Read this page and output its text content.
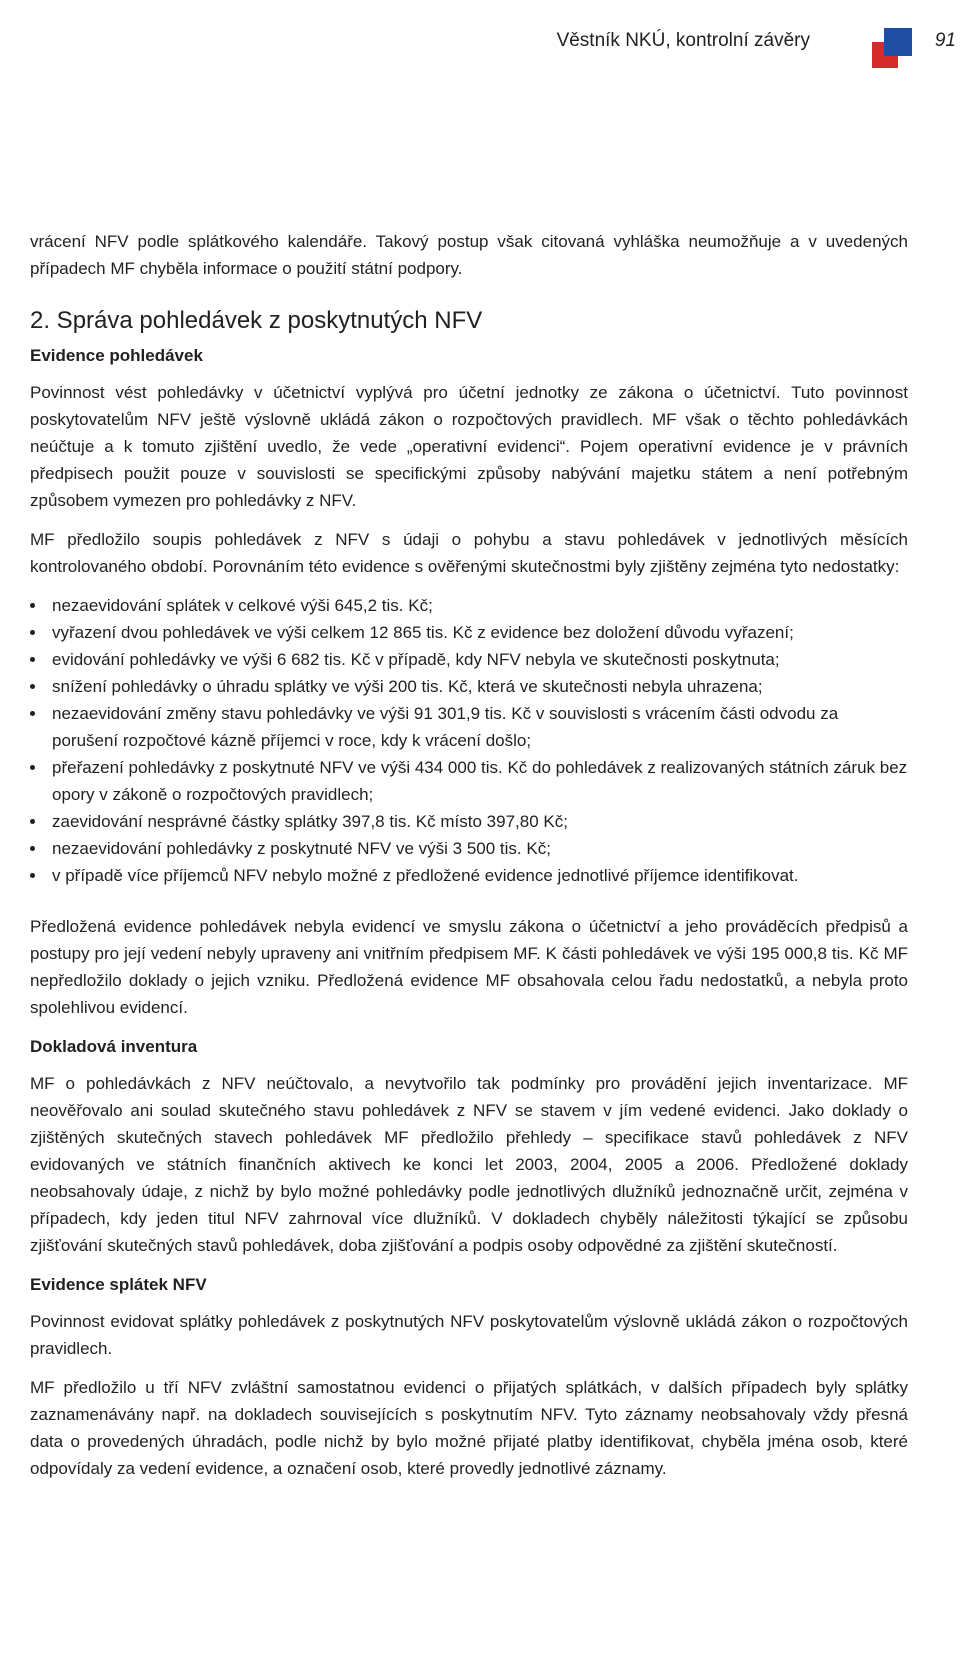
Věstník NKÚ, kontrolní závěry	91

vrácení NFV podle splátkového kalendáře. Takový postup však citovaná vyhláška neumožňuje a v uvedených případech MF chyběla informace o použití státní podpory.

2. Správa pohledávek z poskytnutých NFV
Evidence pohledávek

Povinnost vést pohledávky v účetnictví vyplývá pro účetní jednotky ze zákona o účetnictví. Tuto povinnost poskytovatelům NFV ještě výslovně ukládá zákon o rozpočtových pravidlech. MF však o těchto pohledávkách neúčtuje a k tomuto zjištění uvedlo, že vede „operativní evidenci“. Pojem operativní evidence je v právních předpisech použit pouze v souvislosti se specifickými způsoby nabývání majetku státem a není potřebným způsobem vymezen pro pohledávky z NFV.

MF předložilo soupis pohledávek z NFV s údaji o pohybu a stavu pohledávek v jednotlivých měsících kontrolovaného období. Porovnáním této evidence s ověřenými skutečnostmi byly zjištěny zejména tyto nedostatky:

nezaevidování splátek v celkové výši 645,2 tis. Kč;
vyřazení dvou pohledávek ve výši celkem 12 865 tis. Kč z evidence bez doložení důvodu vyřazení;
evidování pohledávky ve výši 6 682 tis. Kč v případě, kdy NFV nebyla ve skutečnosti poskytnuta;
snížení pohledávky o úhradu splátky ve výši 200 tis. Kč, která ve skutečnosti nebyla uhrazena;
nezaevidování změny stavu pohledávky ve výši 91 301,9 tis. Kč v souvislosti s vrácením části odvodu za porušení rozpočtové kázně příjemci v roce, kdy k vrácení došlo;
přeřazení pohledávky z poskytnuté NFV ve výši 434 000 tis. Kč do pohledávek z realizovaných státních záruk bez opory v zákoně o rozpočtových pravidlech;
zaevidování nesprávné částky splátky 397,8 tis. Kč místo 397,80 Kč;
nezaevidování pohledávky z poskytnuté NFV ve výši 3 500 tis. Kč;
v případě více příjemců NFV nebylo možné z předložené evidence jednotlivé příjemce identifikovat.

Předložená evidence pohledávek nebyla evidencí ve smyslu zákona o účetnictví a jeho prováděcích předpisů a postupy pro její vedení nebyly upraveny ani vnitřním předpisem MF. K části pohledávek ve výši 195 000,8 tis. Kč MF nepředložilo doklady o jejich vzniku. Předložená evidence MF obsahovala celou řadu nedostatků, a nebyla proto spolehlivou evidencí.

Dokladová inventura

MF o pohledávkách z NFV neúčtovalo, a nevytvořilo tak podmínky pro provádění jejich inventarizace. MF neověřovalo ani soulad skutečného stavu pohledávek z NFV se stavem v jím vedené evidenci. Jako doklady o zjištěných skutečných stavech pohledávek MF předložilo přehledy – specifikace stavů pohledávek z NFV evidovaných ve státních finančních aktivech ke konci let 2003, 2004, 2005 a 2006. Předložené doklady neobsahovaly údaje, z nichž by bylo možné pohledávky podle jednotlivých dlužníků jednoznačně určit, zejména v případech, kdy jeden titul NFV zahrnoval více dlužníků. V dokladech chyběly náležitosti týkající se způsobu zjišťování skutečných stavů pohledávek, doba zjišťování a podpis osoby odpovědné za zjištění skutečností.

Evidence splátek NFV

Povinnost evidovat splátky pohledávek z poskytnutých NFV poskytovatelům výslovně ukládá zákon o rozpočtových pravidlech.

MF předložilo u tří NFV zvláštní samostatnou evidenci o přijatých splátkách, v dalších případech byly splátky zaznamenávány např. na dokladech souvisejících s poskytnutím NFV. Tyto záznamy neobsahovaly vždy přesná data o provedených úhradách, podle nichž by bylo možné přijaté platby identifikovat, chyběla jména osob, které odpovídaly za vedení evidence, a označení osob, které provedly jednotlivé záznamy.
